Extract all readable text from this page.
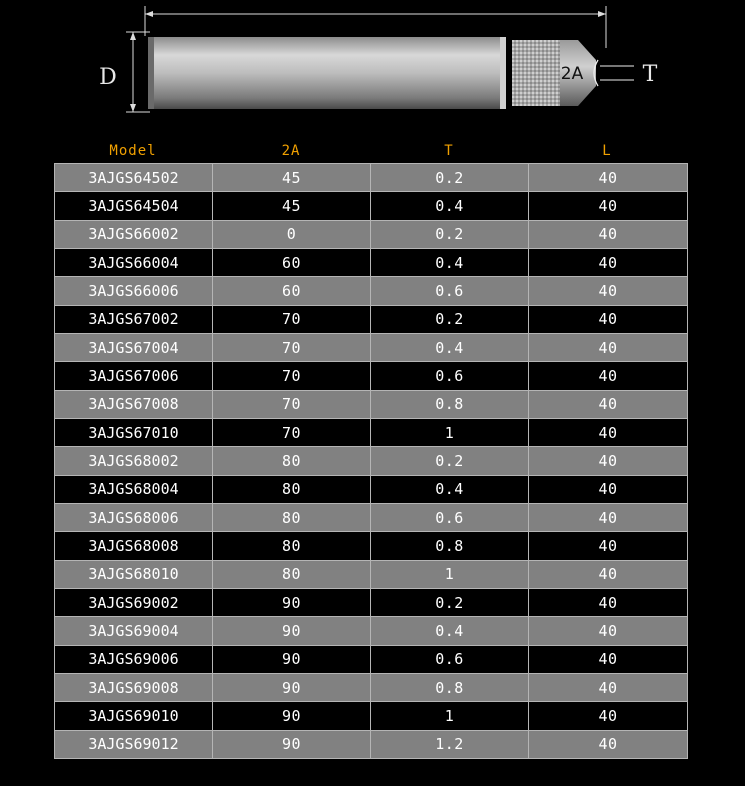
D	2A	T
Model	2A	T	L
3AJGS64502	45	0.2	40
3AJGS64504	45	0.4	40
3AJGS66002	0	0.2	40
3AJGS66004	60	0.4	40
3AJGS66006	60	0.6	40
3AJGS67002	70	0.2	40
3AJGS67004	70	0.4	40
3AJGS67006	70	0.6	40
3AJGS67008	70	0.8	40
3AJGS67010	70	1	40
3AJGS68002	80	0.2	40
3AJGS68004	80	0.4	40
3AJGS68006	80	0.6	40
3AJGS68008	80	0.8	40
3AJGS68010	80	1	40
3AJGS69002	90	0.2	40
3AJGS69004	90	0.4	40
3AJGS69006	90	0.6	40
3AJGS69008	90	0.8	40
3AJGS69010	90	1	40
3AJGS69012	90	1.2	40
